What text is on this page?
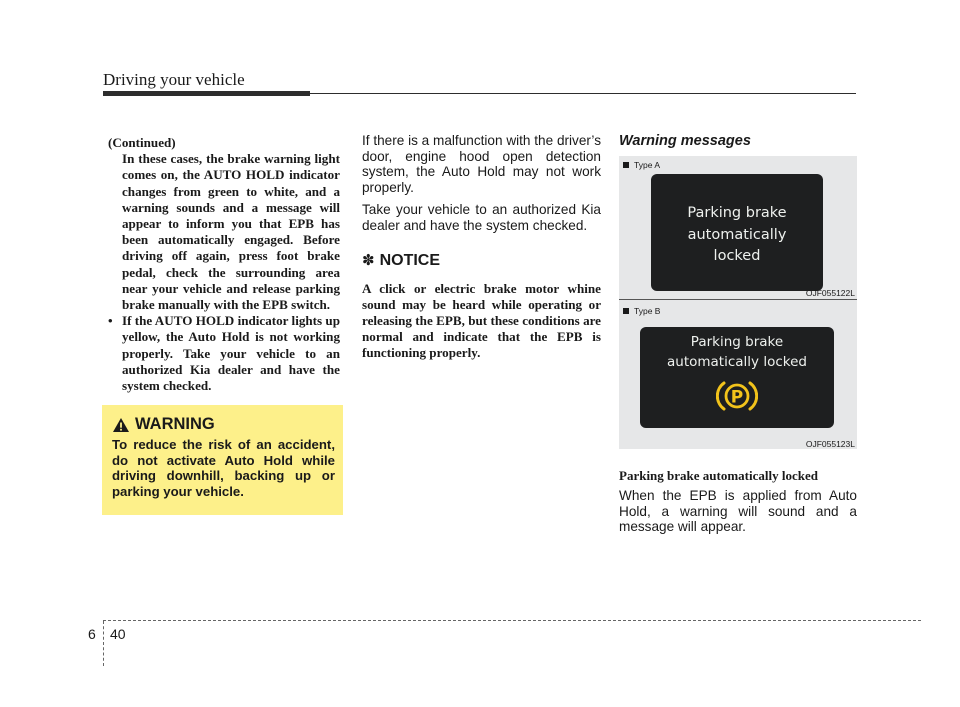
Driving your vehicle
(Continued)
In these cases, the brake warning light comes on, the AUTO HOLD indicator changes from green to white, and a warning sounds and a message will appear to inform you that EPB has been automatically engaged. Before driving off again, press foot brake pedal, check the surrounding area near your vehicle and release parking brake manually with the EPB switch.
• If the AUTO HOLD indicator lights up yellow, the Auto Hold is not working properly. Take your vehicle to an authorized Kia dealer and have the system checked.
WARNING
To reduce the risk of an accident, do not activate Auto Hold while driving downhill, backing up or parking your vehicle.

If there is a malfunction with the driver’s door, engine hood open detection system, the Auto Hold may not work properly.

Take your vehicle to an authorized Kia dealer and have the system checked.

✽ NOTICE

A click or electric brake motor whine sound may be heard while operating or releasing the EPB, but these conditions are normal and indicate that the EPB is functioning properly.

Warning messages
Type A
Parking brake
automatically
locked
OJF055122L
Type B
Parking brake
automatically locked
P
OJF055123L
Parking brake automatically locked
When the EPB is applied from Auto Hold, a warning will sound and a message will appear.
6 40
